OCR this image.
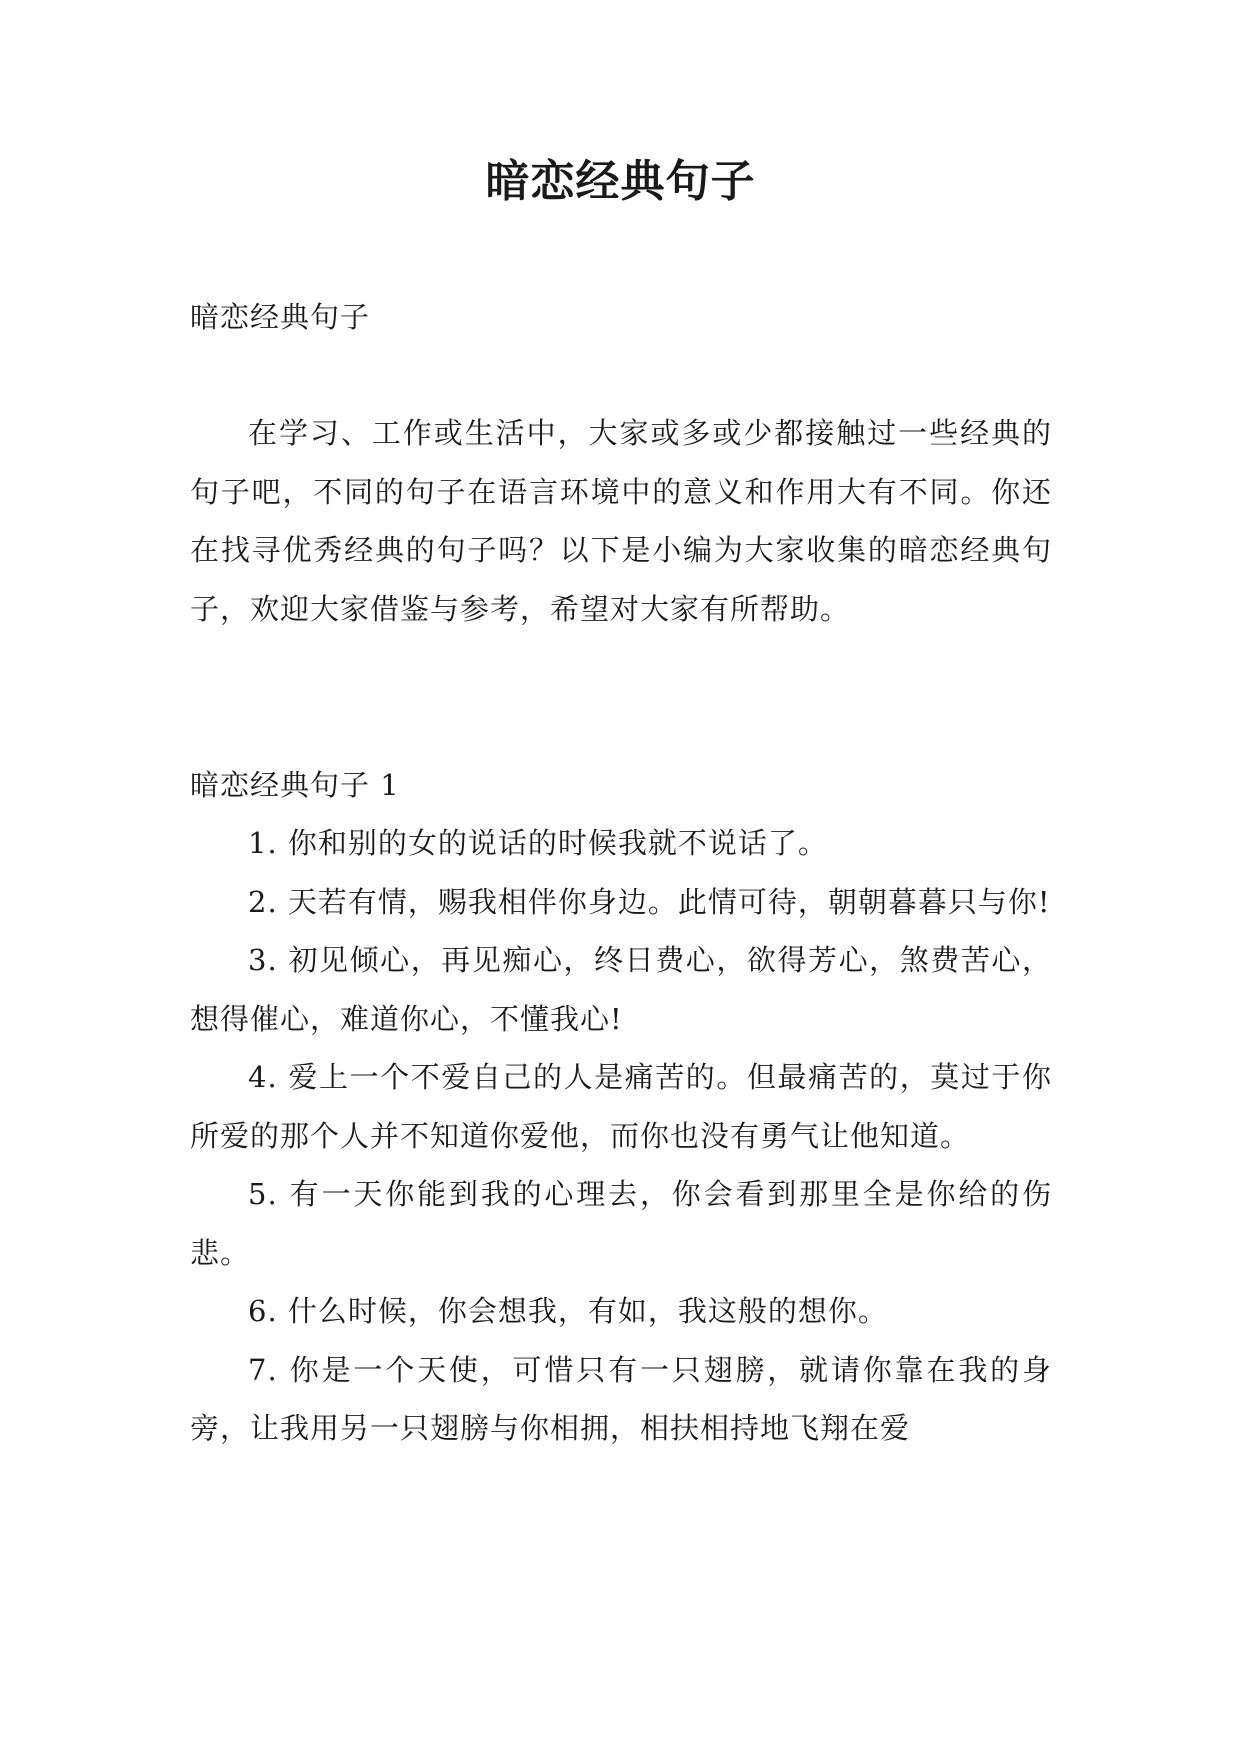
暗恋经典句子
暗恋经典句子

在学习、工作或生活中，大家或多或少都接触过一些经典的句子吧，不同的句子在语言环境中的意义和作用大有不同。你还在找寻优秀经典的句子吗？以下是小编为大家收集的暗恋经典句子，欢迎大家借鉴与参考，希望对大家有所帮助。

暗恋经典句子 1

1. 你和别的女的说话的时候我就不说话了。

2. 天若有情，赐我相伴你身边。此情可待，朝朝暮暮只与你!

3. 初见倾心，再见痴心，终日费心，欲得芳心，煞费苦心，想得催心，难道你心，不懂我心!

4. 爱上一个不爱自己的人是痛苦的。但最痛苦的，莫过于你所爱的那个人并不知道你爱他，而你也没有勇气让他知道。

5. 有一天你能到我的心理去，你会看到那里全是你给的伤悲。

6. 什么时候，你会想我，有如，我这般的想你。

7. 你是一个天使，可惜只有一只翅膀，就请你靠在我的身旁，让我用另一只翅膀与你相拥，相扶相持地飞翔在爱
